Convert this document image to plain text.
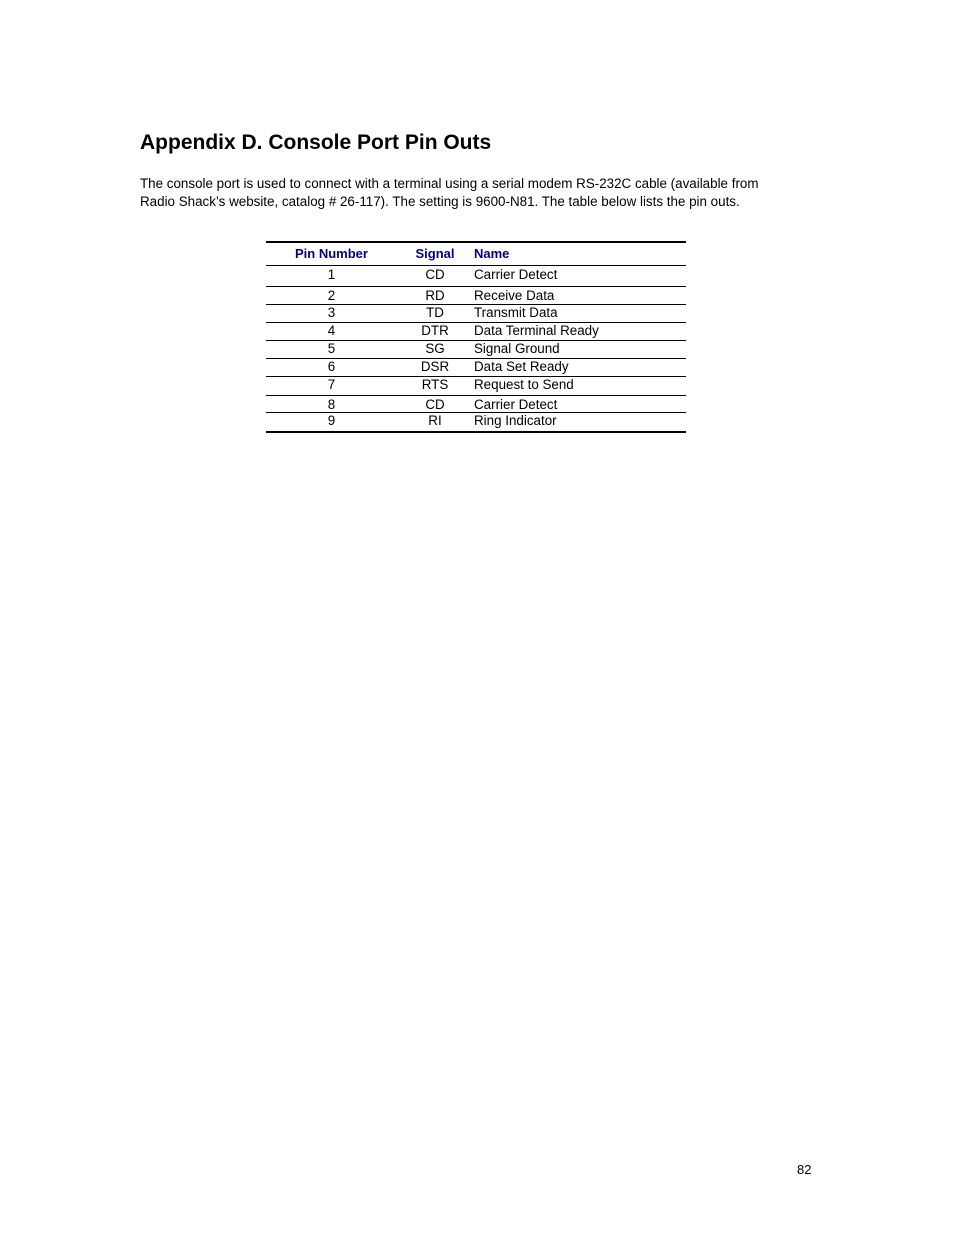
Appendix D. Console Port Pin Outs

The console port is used to connect with a terminal using a serial modem RS-232C cable (available from
Radio Shack’s website, catalog # 26-117). The setting is 9600-N81. The table below lists the pin outs.

Pin Number	Signal	Name
1	CD	Carrier Detect
2	RD	Receive Data
3	TD	Transmit Data
4	DTR	Data Terminal Ready
5	SG	Signal Ground
6	DSR	Data Set Ready
7	RTS	Request to Send
8	CD	Carrier Detect
9	RI	Ring Indicator
82
